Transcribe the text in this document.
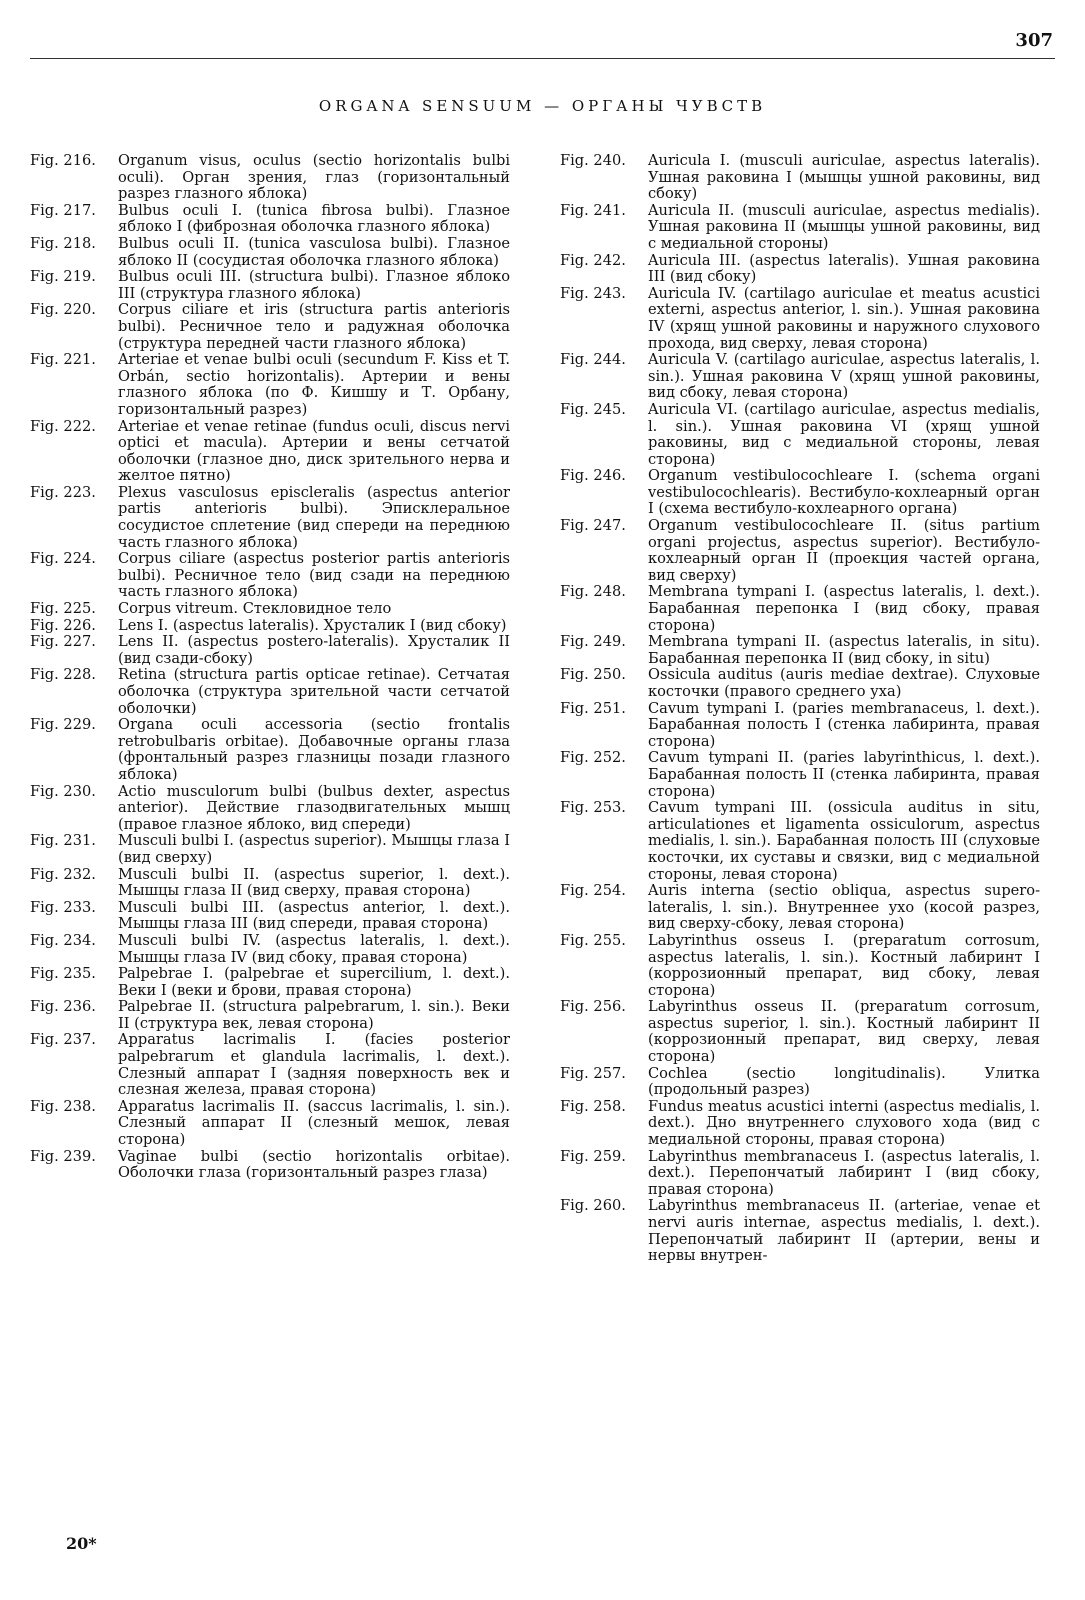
307
ORGANA SENSUUM — ОРГАНЫ ЧУВСТВ
Fig. 216.	Organum visus, oculus (sectio horizontalis bulbi oculi). Орган зрения, глаз (горизонтальный разрез глазного яблока)
Fig. 217.	Bulbus oculi I. (tunica fibrosa bulbi). Глазное яблоко I (фиброзная оболочка глазного яблока)
Fig. 218.	Bulbus oculi II. (tunica vasculosa bulbi). Глазное яблоко II (сосудистая оболочка глазного яблока)
Fig. 219.	Bulbus oculi III. (structura bulbi). Глазное яблоко III (структура глазного яблока)
Fig. 220.	Corpus ciliare et iris (structura partis anterioris bulbi). Ресничное тело и радужная оболочка (структура передней части глазного яблока)
Fig. 221.	Arteriae et venae bulbi oculi (secundum F. Kiss et T. Orbán, sectio horizontalis). Артерии и вены глазного яблока (по Ф. Кишшу и Т. Орбану, горизонтальный разрез)
Fig. 222.	Arteriae et venae retinae (fundus oculi, discus nervi optici et macula). Артерии и вены сетчатой оболочки (глазное дно, диск зрительного нерва и желтое пятно)
Fig. 223.	Plexus vasculosus episcleralis (aspectus anterior partis anterioris bulbi). Эписклеральное сосудистое сплетение (вид спереди на переднюю часть глазного яблока)
Fig. 224.	Corpus ciliare (aspectus posterior partis anterioris bulbi). Ресничное тело (вид сзади на переднюю часть глазного яблока)
Fig. 225.	Corpus vitreum. Стекловидное тело
Fig. 226.	Lens I. (aspectus lateralis). Хрусталик I (вид сбоку)
Fig. 227.	Lens II. (aspectus postero-lateralis). Хрусталик II (вид сзади-сбоку)
Fig. 228.	Retina (structura partis opticae retinae). Сетчатая оболочка (структура зрительной части сетчатой оболочки)
Fig. 229.	Organa oculi accessoria (sectio frontalis retrobulbaris orbitae). Добавочные органы глаза (фронтальный разрез глазницы позади глазного яблока)
Fig. 230.	Actio musculorum bulbi (bulbus dexter, aspectus anterior). Действие глазодвигательных мышц (правое глазное яблоко, вид спереди)
Fig. 231.	Musculi bulbi I. (aspectus superior). Мышцы глаза I (вид сверху)
Fig. 232.	Musculi bulbi II. (aspectus superior, l. dext.). Мышцы глаза II (вид сверху, правая сторона)
Fig. 233.	Musculi bulbi III. (aspectus anterior, l. dext.). Мышцы глаза III (вид спереди, правая сторона)
Fig. 234.	Musculi bulbi IV. (aspectus lateralis, l. dext.). Мышцы глаза IV (вид сбоку, правая сторона)
Fig. 235.	Palpebrae I. (palpebrae et supercilium, l. dext.). Веки I (веки и брови, правая сторона)
Fig. 236.	Palpebrae II. (structura palpebrarum, l. sin.). Веки II (структура век, левая сторона)
Fig. 237.	Apparatus lacrimalis I. (facies posterior palpebrarum et glandula lacrimalis, l. dext.). Слезный аппарат I (задняя поверхность век и слезная железа, правая сторона)
Fig. 238.	Apparatus lacrimalis II. (saccus lacrimalis, l. sin.). Слезный аппарат II (слезный мешок, левая сторона)
Fig. 239.	Vaginae bulbi (sectio horizontalis orbitae). Оболочки глаза (горизонтальный разрез глаза)
Fig. 240.	Auricula I. (musculi auriculae, aspectus lateralis). Ушная раковина I (мышцы ушной раковины, вид сбоку)
Fig. 241.	Auricula II. (musculi auriculae, aspectus medialis). Ушная раковина II (мышцы ушной раковины, вид с медиальной стороны)
Fig. 242.	Auricula III. (aspectus lateralis). Ушная раковина III (вид сбоку)
Fig. 243.	Auricula IV. (cartilago auriculae et meatus acustici externi, aspectus anterior, l. sin.). Ушная раковина IV (хрящ ушной раковины и наружного слухового прохода, вид сверху, левая сторона)
Fig. 244.	Auricula V. (cartilago auriculae, aspectus lateralis, l. sin.). Ушная раковина V (хрящ ушной раковины, вид сбоку, левая сторона)
Fig. 245.	Auricula VI. (cartilago auriculae, aspectus medialis, l. sin.). Ушная раковина VI (хрящ ушной раковины, вид с медиальной стороны, левая сторона)
Fig. 246.	Organum vestibulocochleare I. (schema organi vestibulocochlearis). Вестибуло-кохлеарный орган I (схема вестибуло-кохлеарного органа)
Fig. 247.	Organum vestibulocochleare II. (situs partium organi projectus, aspectus superior). Вестибуло-кохлеарный орган II (проекция частей органа, вид сверху)
Fig. 248.	Membrana tympani I. (aspectus lateralis, l. dext.). Барабанная перепонка I (вид сбоку, правая сторона)
Fig. 249.	Membrana tympani II. (aspectus lateralis, in situ). Барабанная перепонка II (вид сбоку, in situ)
Fig. 250.	Ossicula auditus (auris mediae dextrae). Слуховые косточки (правого среднего уха)
Fig. 251.	Cavum tympani I. (paries membranaceus, l. dext.). Барабанная полость I (стенка лабиринта, правая сторона)
Fig. 252.	Cavum tympani II. (paries labyrinthicus, l. dext.). Барабанная полость II (стенка лабиринта, правая сторона)
Fig. 253.	Cavum tympani III. (ossicula auditus in situ, articulationes et ligamenta ossiculorum, aspectus medialis, l. sin.). Барабанная полость III (слуховые косточки, их суставы и связки, вид с медиальной стороны, левая сторона)
Fig. 254.	Auris interna (sectio obliqua, aspectus supero-lateralis, l. sin.). Внутреннее ухо (косой разрез, вид сверху-сбоку, левая сторона)
Fig. 255.	Labyrinthus osseus I. (preparatum corrosum, aspectus lateralis, l. sin.). Костный лабиринт I (коррозионный препарат, вид сбоку, левая сторона)
Fig. 256.	Labyrinthus osseus II. (preparatum corrosum, aspectus superior, l. sin.). Костный лабиринт II (коррозионный препарат, вид сверху, левая сторона)
Fig. 257.	Cochlea (sectio longitudinalis). Улитка (продольный разрез)
Fig. 258.	Fundus meatus acustici interni (aspectus medialis, l. dext.). Дно внутреннего слухового хода (вид с медиальной стороны, правая сторона)
Fig. 259.	Labyrinthus membranaceus I. (aspectus lateralis, l. dext.). Перепончатый лабиринт I (вид сбоку, правая сторона)
Fig. 260.	Labyrinthus membranaceus II. (arteriae, venae et nervi auris internae, aspectus medialis, l. dext.). Перепончатый лабиринт II (артерии, вены и нервы внутрен-
20*
